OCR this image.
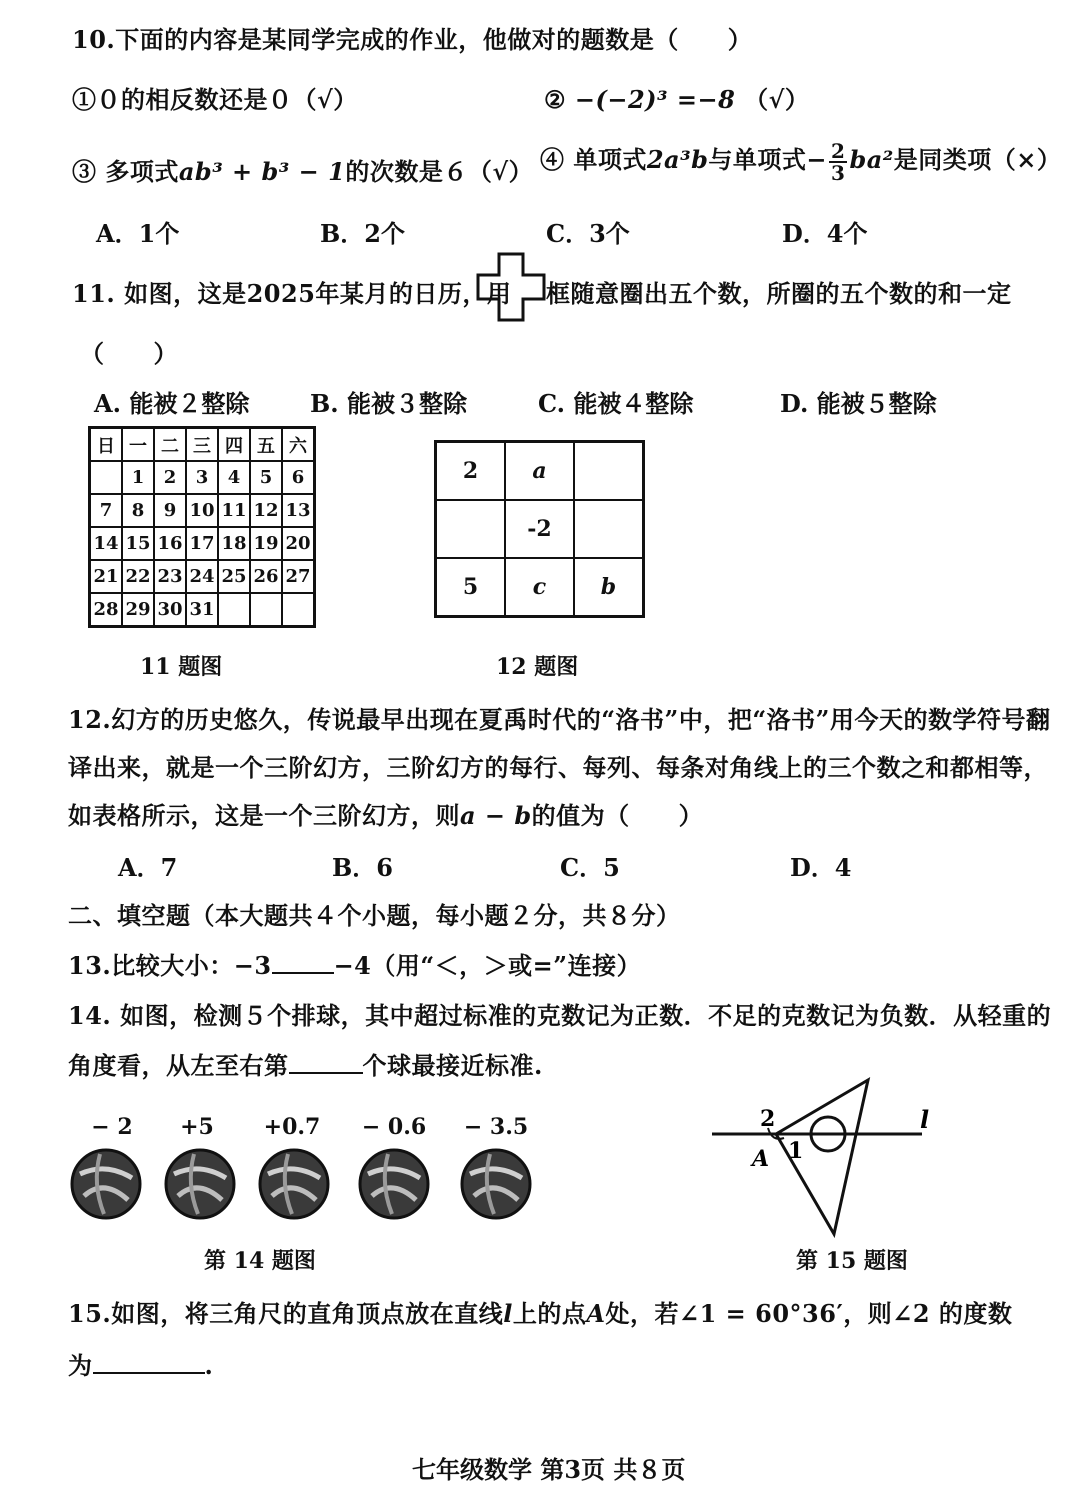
10.下面的内容是某同学完成的作业，他做对的题数是（　　）
①０的相反数还是０（√）	② −(−2)³ =−8 （√）
③ 多项式ab³ + b³ − 1的次数是６（√） ④ 单项式2a³b与单项式− $\frac{2}{3} ba^2$是同类项（×）
A．1个	B．2个	C．3个	D．4个
11. 如图，这是2025年某月的日历，用 框随意圈出五个数，所圈的五个数的和一定
（　　）
A. 能被２整除	B. 能被３整除	C. 能被４整除	D. 能被５整除
日	一	二	三	四	五	六
	1	2	3	4	5	6
7	8	9	10	11	12	13
14	15	16	17	18	19	20
21	22	23	24	25	26	27
28	29	30	31			
11 题图
2	a	
	-2	
5	c	b
12 题图
12.幻方的历史悠久，传说最早出现在夏禹时代的“洛书”中，把“洛书”用今天的数学符号翻
译出来，就是一个三阶幻方，三阶幻方的每行、每列、每条对角线上的三个数之和都相等，
如表格所示，这是一个三阶幻方，则a − b的值为（　　）
A．7	B．6	C．5	D．4
二、填空题（本大题共４个小题，每小题２分，共８分）
13.比较大小：−3	−4（用“＜，＞或=”连接）
14. 如图，检测５个排球，其中超过标准的克数记为正数．不足的克数记为负数．从轻重的
角度看，从左至右第	个球最接近标准.
− 2	+5	+0.7	− 0.6	− 3.5
第 14 题图
2
1
A
l
第 15 题图
15.如图，将三角尺的直角顶点放在直线l上的点A处，若∠1 = 60°36′，则∠2 的度数
为	.
七年级数学 第3页 共８页
